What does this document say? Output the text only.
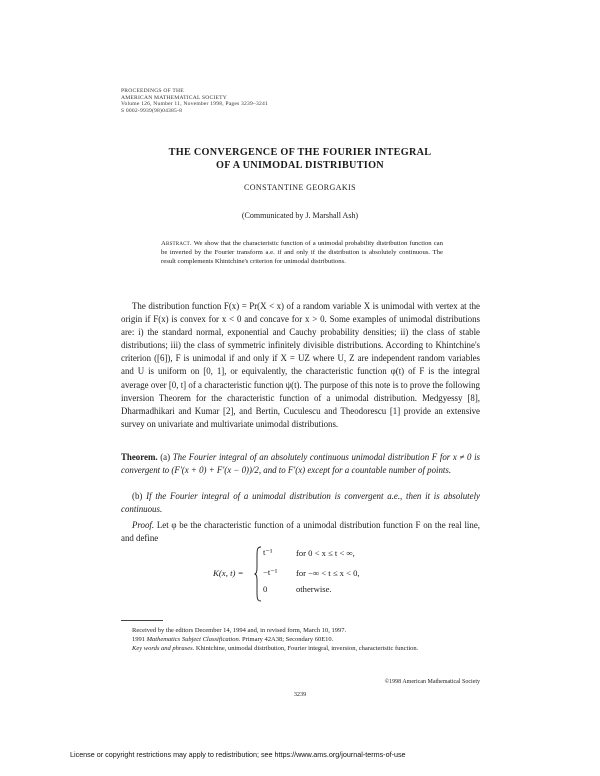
PROCEEDINGS OF THE
AMERICAN MATHEMATICAL SOCIETY
Volume 126, Number 11, November 1998, Pages 3239–3241
S 0002-9939(98)04385-8
THE CONVERGENCE OF THE FOURIER INTEGRAL
OF A UNIMODAL DISTRIBUTION
CONSTANTINE GEORGAKIS
(Communicated by J. Marshall Ash)
Abstract. We show that the characteristic function of a unimodal probability distribution function can be inverted by the Fourier transform a.e. if and only if the distribution is absolutely continuous. The result complements Khintchine's criterion for unimodal distributions.
The distribution function F(x) = Pr(X < x) of a random variable X is unimodal with vertex at the origin if F(x) is convex for x < 0 and concave for x > 0. Some examples of unimodal distributions are: i) the standard normal, exponential and Cauchy probability densities; ii) the class of stable distributions; iii) the class of symmetric infinitely divisible distributions. According to Khintchine's criterion ([6]), F is unimodal if and only if X = UZ where U, Z are independent random variables and U is uniform on [0, 1], or equivalently, the characteristic function φ(t) of F is the integral average over [0, t] of a characteristic function ψ(t). The purpose of this note is to prove the following inversion Theorem for the characteristic function of a unimodal distribution. Medgyessy [8], Dharmadhikari and Kumar [2], and Bertin, Cuculescu and Theodorescu [1] provide an extensive survey on univariate and multivariate unimodal distributions.
Theorem. (a) The Fourier integral of an absolutely continuous unimodal distribution F for x ≠ 0 is convergent to (F′(x + 0) + F′(x − 0))/2, and to F′(x) except for a countable number of points.
(b) If the Fourier integral of a unimodal distribution is convergent a.e., then it is absolutely continuous.
Proof. Let φ be the characteristic function of a unimodal distribution function F on the real line, and define
K(x, t) =
t⁻¹	for 0 < x ≤ t < ∞,
−t⁻¹ for −∞ < t ≤ x < 0,
0	otherwise.
Received by the editors December 14, 1994 and, in revised form, March 10, 1997.
1991 Mathematics Subject Classification. Primary 42A38; Secondary 60E10.
Key words and phrases. Khintchine, unimodal distribution, Fourier integral, inversion, characteristic function.
©1998 American Mathematical Society
3239
License or copyright restrictions may apply to redistribution; see https://www.ams.org/journal-terms-of-use
